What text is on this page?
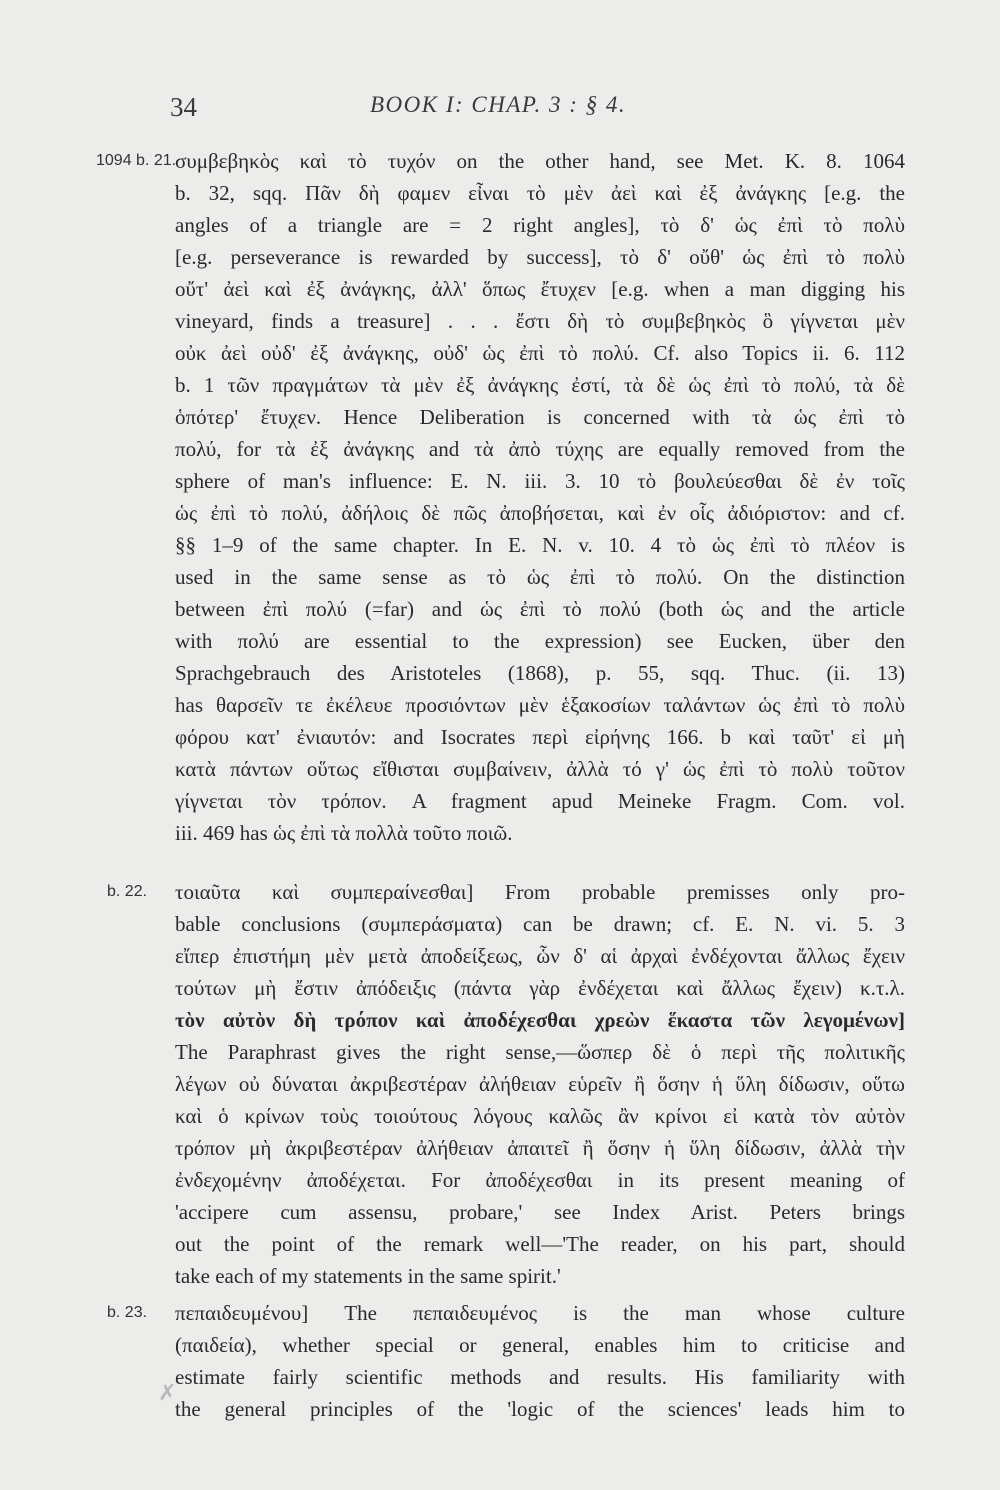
34	BOOK I: CHAP. 3 : § 4.
1094 b. 21.
b. 22.
b. 23.
συμβεβηκὸς καὶ τὸ τυχόν on the other hand, see Met. K. 8. 1064
b. 32, sqq. Πᾶν δὴ φαμεν εἶναι τὸ μὲν ἀεὶ καὶ ἐξ ἀνάγκης [e.g. the
angles of a triangle are = 2 right angles], τὸ δ' ὡς ἐπὶ τὸ πολὺ
[e.g. perseverance is rewarded by success], τὸ δ' οὔθ' ὡς ἐπὶ τὸ πολὺ
οὔτ' ἀεὶ καὶ ἐξ ἀνάγκης, ἀλλ' ὅπως ἔτυχεν [e.g. when a man digging his
vineyard, finds a treasure] . . . ἔστι δὴ τὸ συμβεβηκὸς ὃ γίγνεται μὲν
οὐκ ἀεὶ οὐδ' ἐξ ἀνάγκης, οὐδ' ὡς ἐπὶ τὸ πολύ. Cf. also Topics ii. 6. 112
b. 1 τῶν πραγμάτων τὰ μὲν ἐξ ἀνάγκης ἐστί, τὰ δὲ ὡς ἐπὶ τὸ πολύ, τὰ δὲ
ὁπότερ' ἔτυχεν. Hence Deliberation is concerned with τὰ ὡς ἐπὶ τὸ
πολύ, for τὰ ἐξ ἀνάγκης and τὰ ἀπὸ τύχης are equally removed from the
sphere of man's influence: E. N. iii. 3. 10 τὸ βουλεύεσθαι δὲ ἐν τοῖς
ὡς ἐπὶ τὸ πολύ, ἀδήλοις δὲ πῶς ἀποβήσεται, καὶ ἐν οἷς ἀδιόριστον: and cf.
§§ 1–9 of the same chapter. In E. N. v. 10. 4 τὸ ὡς ἐπὶ τὸ πλέον is
used in the same sense as τὸ ὡς ἐπὶ τὸ πολύ. On the distinction
between ἐπὶ πολύ (=far) and ὡς ἐπὶ τὸ πολύ (both ὡς and the article
with πολύ are essential to the expression) see Eucken, über den
Sprachgebrauch des Aristoteles (1868), p. 55, sqq. Thuc. (ii. 13)
has θαρσεῖν τε ἐκέλευε προσιόντων μὲν ἑξακοσίων ταλάντων ὡς ἐπὶ τὸ πολὺ
φόρου κατ' ἐνιαυτόν: and Isocrates περὶ εἰρήνης 166. b καὶ ταῦτ' εἰ μὴ
κατὰ πάντων οὕτως εἴθισται συμβαίνειν, ἀλλὰ τό γ' ὡς ἐπὶ τὸ πολὺ τοῦτον
γίγνεται τὸν τρόπον. A fragment apud Meineke Fragm. Com. vol.
iii. 469 has ὡς ἐπὶ τὰ πολλὰ τοῦτο ποιῶ.
τοιαῦτα καὶ συμπεραίνεσθαι] From probable premisses only pro-
bable conclusions (συμπεράσματα) can be drawn; cf. E. N. vi. 5. 3
εἴπερ ἐπιστήμη μὲν μετὰ ἀποδείξεως, ὧν δ' αἱ ἀρχαὶ ἐνδέχονται ἄλλως ἔχειν
τούτων μὴ ἔστιν ἀπόδειξις (πάντα γὰρ ἐνδέχεται καὶ ἄλλως ἔχειν) κ.τ.λ.
τὸν αὐτὸν δὴ τρόπον καὶ ἀποδέχεσθαι χρεὼν ἕκαστα τῶν λεγομένων]
The Paraphrast gives the right sense,—ὥσπερ δὲ ὁ περὶ τῆς πολιτικῆς
λέγων οὐ δύναται ἀκριβεστέραν ἀλήθειαν εὑρεῖν ἢ ὅσην ἡ ὕλη δίδωσιν, οὕτω
καὶ ὁ κρίνων τοὺς τοιούτους λόγους καλῶς ἂν κρίνοι εἰ κατὰ τὸν αὐτὸν
τρόπον μὴ ἀκριβεστέραν ἀλήθειαν ἀπαιτεῖ ἢ ὅσην ἡ ὕλη δίδωσιν, ἀλλὰ τὴν
ἐνδεχομένην ἀποδέχεται. For ἀποδέχεσθαι in its present meaning of
'accipere cum assensu, probare,' see Index Arist. Peters brings
out the point of the remark well—'The reader, on his part, should
take each of my statements in the same spirit.'
πεπαιδευμένου] The πεπαιδευμένος is the man whose culture
(παιδεία), whether special or general, enables him to criticise and
estimate fairly scientific methods and results. His familiarity with
the general principles of the 'logic of the sciences' leads him to
✗
